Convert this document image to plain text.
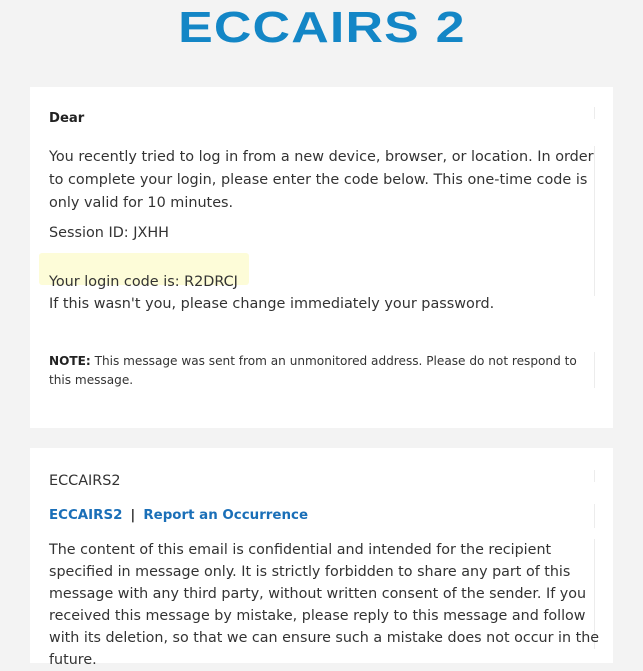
ECCAIRS 2

Dear

You recently tried to log in from a new device, browser, or location. In order to complete your login, please enter the code below. This one-time code is only valid for 10 minutes.

Session ID: JXHH

Your login code is: R2DRCJ

If this wasn't you, please change immediately your password.

NOTE: This message was sent from an unmonitored address. Please do not respond to this message.

ECCAIRS2

ECCAIRS2 | Report an Occurrence

The content of this email is confidential and intended for the recipient specified in message only. It is strictly forbidden to share any part of this message with any third party, without written consent of the sender. If you received this message by mistake, please reply to this message and follow with its deletion, so that we can ensure such a mistake does not occur in the future.
